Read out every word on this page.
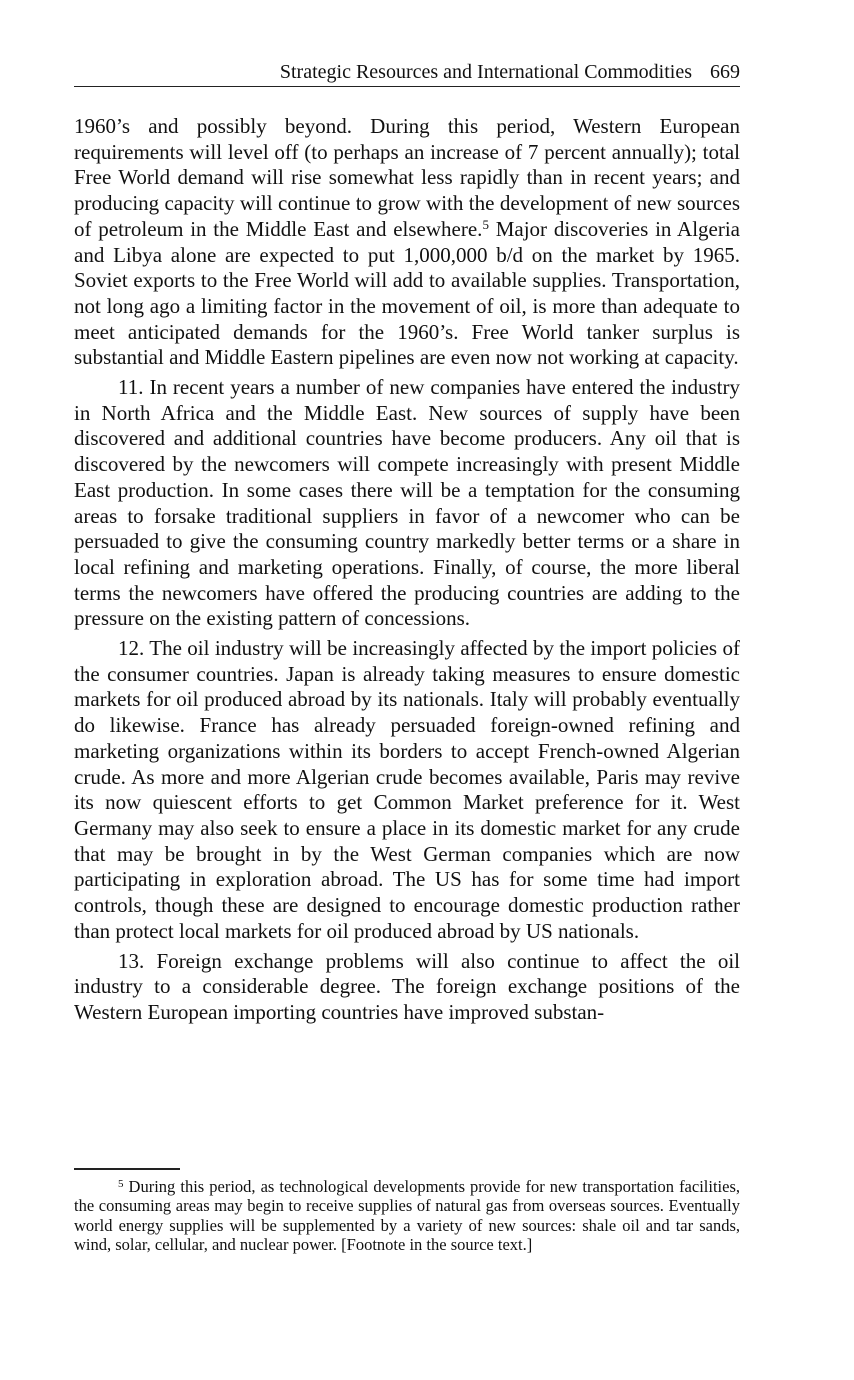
Strategic Resources and International Commodities 669

1960’s and possibly beyond. During this period, Western European requirements will level off (to perhaps an increase of 7 percent annually); total Free World demand will rise somewhat less rapidly than in recent years; and producing capacity will continue to grow with the development of new sources of petroleum in the Middle East and elsewhere.$^5$ Major discoveries in Algeria and Libya alone are expected to put 1,000,000 b/d on the market by 1965. Soviet exports to the Free World will add to available supplies. Transportation, not long ago a limiting factor in the movement of oil, is more than adequate to meet anticipated demands for the 1960’s. Free World tanker surplus is substantial and Middle Eastern pipelines are even now not working at capacity.

11. In recent years a number of new companies have entered the industry in North Africa and the Middle East. New sources of supply have been discovered and additional countries have become producers. Any oil that is discovered by the newcomers will compete increasingly with present Middle East production. In some cases there will be a temptation for the consuming areas to forsake traditional suppliers in favor of a newcomer who can be persuaded to give the consuming country markedly better terms or a share in local refining and marketing operations. Finally, of course, the more liberal terms the newcomers have offered the producing countries are adding to the pressure on the existing pattern of concessions.

12. The oil industry will be increasingly affected by the import policies of the consumer countries. Japan is already taking measures to ensure domestic markets for oil produced abroad by its nationals. Italy will probably eventually do likewise. France has already persuaded foreign-owned refining and marketing organizations within its borders to accept French-owned Algerian crude. As more and more Algerian crude becomes available, Paris may revive its now quiescent efforts to get Common Market preference for it. West Germany may also seek to ensure a place in its domestic market for any crude that may be brought in by the West German companies which are now participating in exploration abroad. The US has for some time had import controls, though these are designed to encourage domestic production rather than protect local markets for oil produced abroad by US nationals.

13. Foreign exchange problems will also continue to affect the oil industry to a considerable degree. The foreign exchange positions of the Western European importing countries have improved substan-

$^5$ During this period, as technological developments provide for new transportation facilities, the consuming areas may begin to receive supplies of natural gas from overseas sources. Eventually world energy supplies will be supplemented by a variety of new sources: shale oil and tar sands, wind, solar, cellular, and nuclear power. [Footnote in the source text.]
